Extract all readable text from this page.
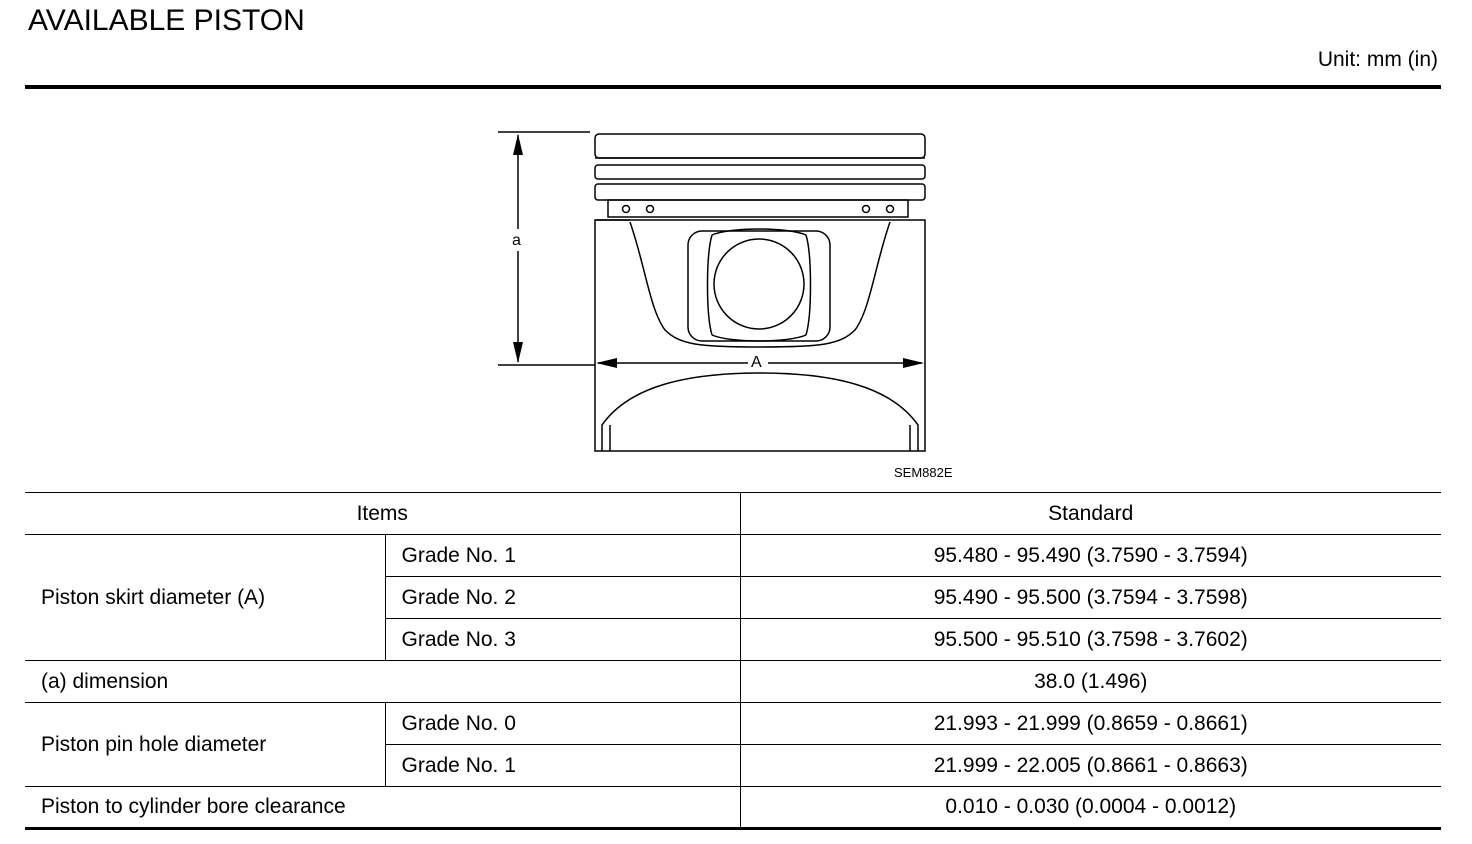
AVAILABLE PISTON
Unit: mm (in)
a
A
SEM882E
Items		Standard
Piston skirt diameter (A)	Grade No. 1	95.480 - 95.490 (3.7590 - 3.7594)
	Grade No. 2	95.490 - 95.500 (3.7594 - 3.7598)
	Grade No. 3	95.500 - 95.510 (3.7598 - 3.7602)
(a) dimension		38.0 (1.496)
Piston pin hole diameter	Grade No. 0	21.993 - 21.999 (0.8659 - 0.8661)
	Grade No. 1	21.999 - 22.005 (0.8661 - 0.8663)
Piston to cylinder bore clearance		0.010 - 0.030 (0.0004 - 0.0012)
